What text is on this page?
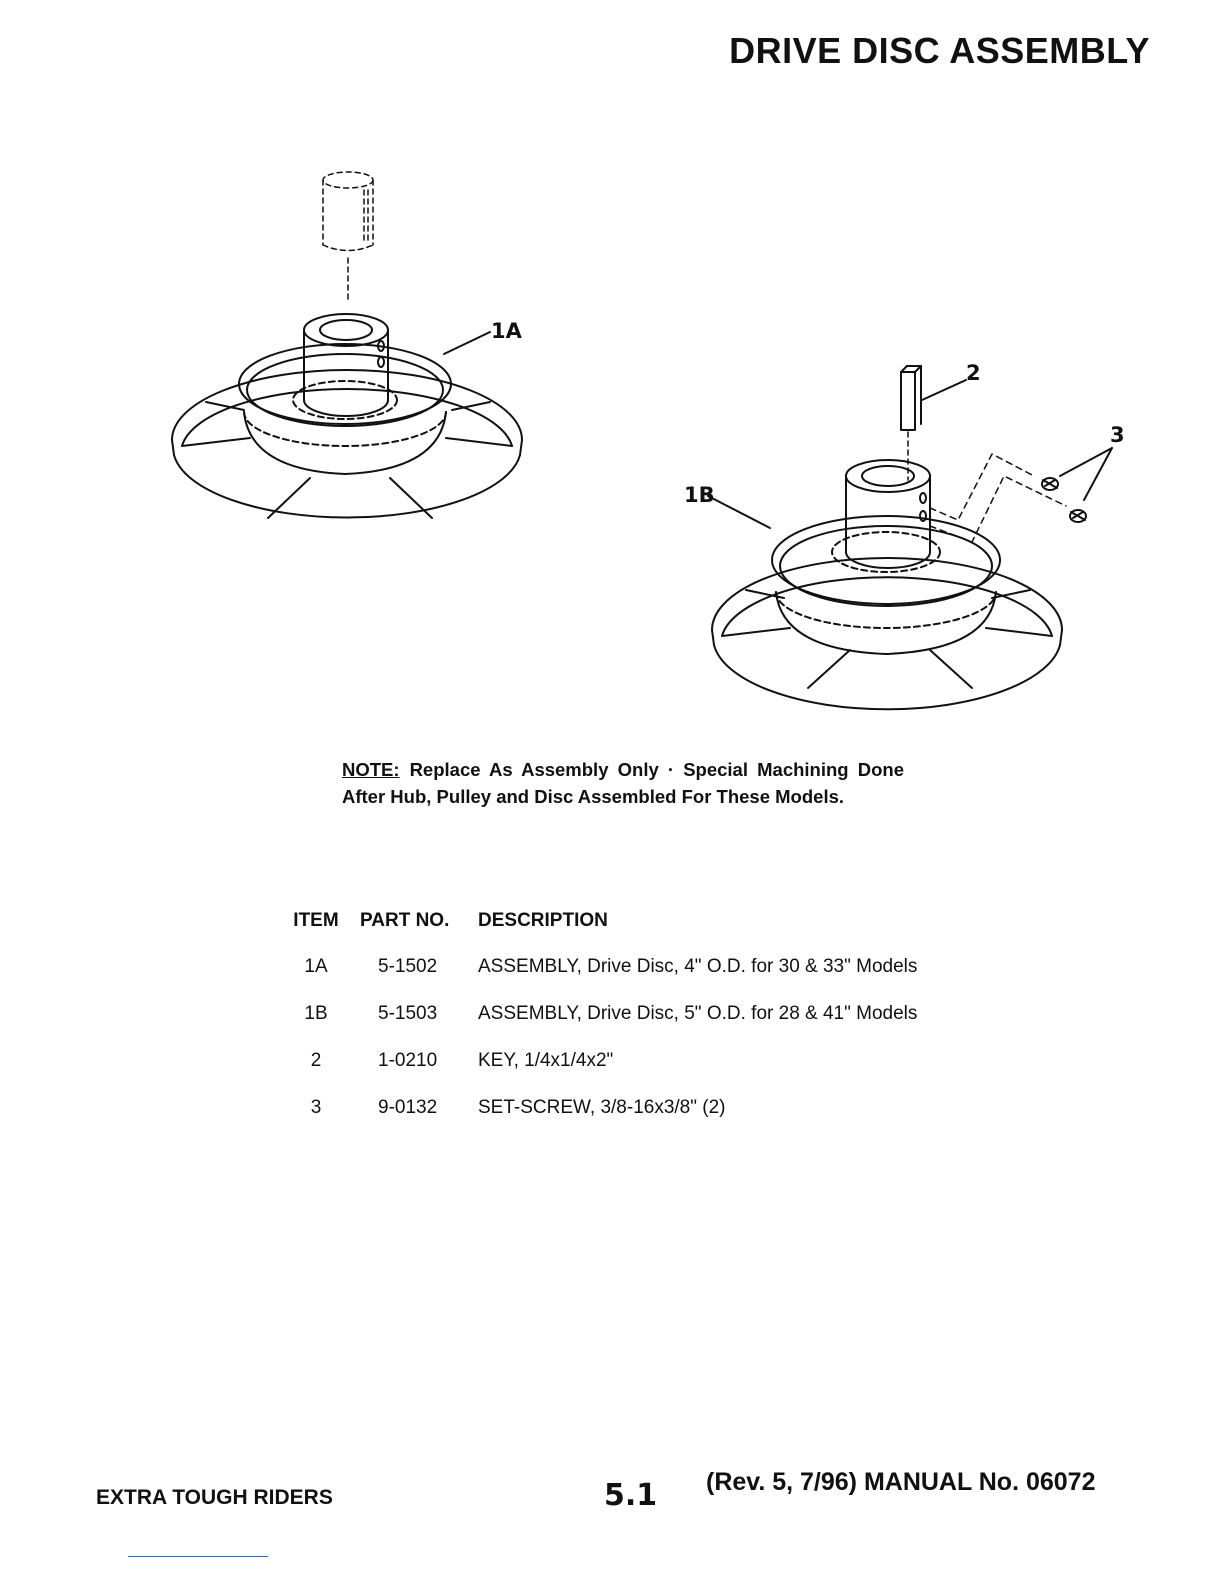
DRIVE DISC ASSEMBLY
1A
2
3
1B
NOTE: Replace As Assembly Only · Special Machining Done After Hub, Pulley and Disc Assembled For These Models.
ITEM	PART NO.	DESCRIPTION
1A	5-1502	ASSEMBLY, Drive Disc, 4" O.D. for 30 & 33" Models
1B	5-1503	ASSEMBLY, Drive Disc, 5" O.D. for 28 & 41" Models
2	1-0210	KEY, 1/4x1/4x2"
3	9-0132	SET-SCREW, 3/8-16x3/8" (2)
EXTRA TOUGH RIDERS	5.1 (Rev. 5, 7/96) MANUAL No. 06072
